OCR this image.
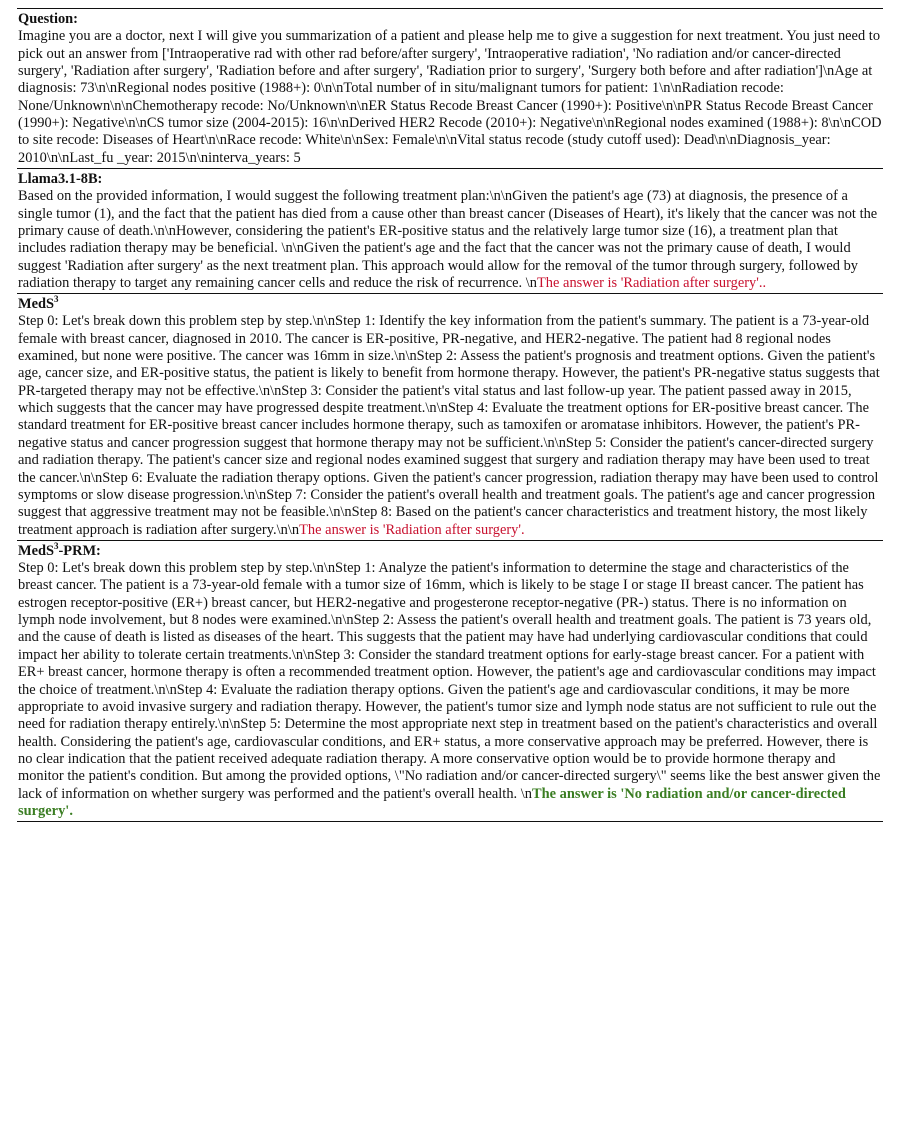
Question:
Imagine you are a doctor, next I will give you summarization of a patient and please help me to give a suggestion for next treatment. You just need to pick out an answer from ['Intraoperative rad with other rad before/after surgery', 'Intraoperative radiation', 'No radiation and/or cancer-directed surgery', 'Radiation after surgery', 'Radiation before and after surgery', 'Radiation prior to surgery', 'Surgery both before and after radiation']\nAge at diagnosis: 73\n\nRegional nodes positive (1988+): 0\n\nTotal number of in situ/malignant tumors for patient: 1\n\nRadiation recode: None/Unknown\n\nChemotherapy recode: No/Unknown\n\nER Status Recode Breast Cancer (1990+): Positive\n\nPR Status Recode Breast Cancer (1990+): Negative\n\nCS tumor size (2004-2015): 16\n\nDerived HER2 Recode (2010+): Negative\n\nRegional nodes examined (1988+): 8\n\nCOD to site recode: Diseases of Heart\n\nRace recode: White\n\nSex: Female\n\nVital status recode (study cutoff used): Dead\n\nDiagnosis_year: 2010\n\nLast_fu _year: 2015\n\ninterva_years: 5
Llama3.1-8B:
Based on the provided information, I would suggest the following treatment plan:\n\nGiven the patient's age (73) at diagnosis, the presence of a single tumor (1), and the fact that the patient has died from a cause other than breast cancer (Diseases of Heart), it's likely that the cancer was not the primary cause of death.\n\nHowever, considering the patient's ER-positive status and the relatively large tumor size (16), a treatment plan that includes radiation therapy may be beneficial. \n\nGiven the patient's age and the fact that the cancer was not the primary cause of death, I would suggest 'Radiation after surgery' as the next treatment plan. This approach would allow for the removal of the tumor through surgery, followed by radiation therapy to target any remaining cancer cells and reduce the risk of recurrence. \nThe answer is 'Radiation after surgery'..
MedS$^3$
Step 0: Let's break down this problem step by step.\n\nStep 1: Identify the key information from the patient's summary. The patient is a 73-year-old female with breast cancer, diagnosed in 2010. The cancer is ER-positive, PR-negative, and HER2-negative. The patient had 8 regional nodes examined, but none were positive. The cancer was 16mm in size.\n\nStep 2: Assess the patient's prognosis and treatment options. Given the patient's age, cancer size, and ER-positive status, the patient is likely to benefit from hormone therapy. However, the patient's PR-negative status suggests that PR-targeted therapy may not be effective.\n\nStep 3: Consider the patient's vital status and last follow-up year. The patient passed away in 2015, which suggests that the cancer may have progressed despite treatment.\n\nStep 4: Evaluate the treatment options for ER-positive breast cancer. The standard treatment for ER-positive breast cancer includes hormone therapy, such as tamoxifen or aromatase inhibitors. However, the patient's PR-negative status and cancer progression suggest that hormone therapy may not be sufficient.\n\nStep 5: Consider the patient's cancer-directed surgery and radiation therapy. The patient's cancer size and regional nodes examined suggest that surgery and radiation therapy may have been used to treat the cancer.\n\nStep 6: Evaluate the radiation therapy options. Given the patient's cancer progression, radiation therapy may have been used to control symptoms or slow disease progression.\n\nStep 7: Consider the patient's overall health and treatment goals. The patient's age and cancer progression suggest that aggressive treatment may not be feasible.\n\nStep 8: Based on the patient's cancer characteristics and treatment history, the most likely treatment approach is radiation after surgery.\n\nThe answer is 'Radiation after surgery'.
MedS$^3$-PRM:
Step 0: Let's break down this problem step by step.\n\nStep 1: Analyze the patient's information to determine the stage and characteristics of the breast cancer. The patient is a 73-year-old female with a tumor size of 16mm, which is likely to be stage I or stage II breast cancer. The patient has estrogen receptor-positive (ER+) breast cancer, but HER2-negative and progesterone receptor-negative (PR-) status. There is no information on lymph node involvement, but 8 nodes were examined.\n\nStep 2: Assess the patient's overall health and treatment goals. The patient is 73 years old, and the cause of death is listed as diseases of the heart. This suggests that the patient may have had underlying cardiovascular conditions that could impact her ability to tolerate certain treatments.\n\nStep 3: Consider the standard treatment options for early-stage breast cancer. For a patient with ER+ breast cancer, hormone therapy is often a recommended treatment option. However, the patient's age and cardiovascular conditions may impact the choice of treatment.\n\nStep 4: Evaluate the radiation therapy options. Given the patient's age and cardiovascular conditions, it may be more appropriate to avoid invasive surgery and radiation therapy. However, the patient's tumor size and lymph node status are not sufficient to rule out the need for radiation therapy entirely.\n\nStep 5: Determine the most appropriate next step in treatment based on the patient's characteristics and overall health. Considering the patient's age, cardiovascular conditions, and ER+ status, a more conservative approach may be preferred. However, there is no clear indication that the patient received adequate radiation therapy. A more conservative option would be to provide hormone therapy and monitor the patient's condition. But among the provided options, \"No radiation and/or cancer-directed surgery\" seems like the best answer given the lack of information on whether surgery was performed and the patient's overall health. \nThe answer is 'No radiation and/or cancer-directed surgery'.
